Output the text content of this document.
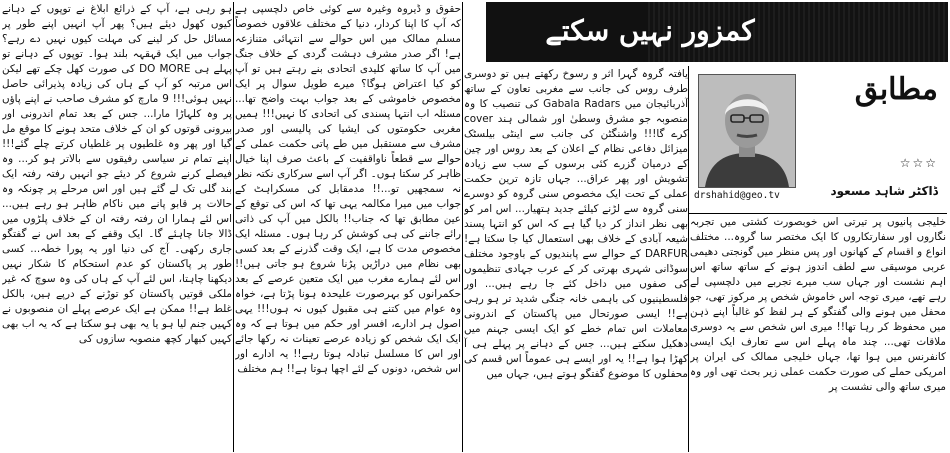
کمزور نہیں سکتے
drshahid@geo.tv
مطابق
☆☆☆
ڈاکٹر شاہد مسعود

خلیجی پانیوں پر تیرتی اس خوبصورت کشتی میں تجربہ نگاروں اور سفارتکاروں کا ایک مختصر سا گروہ... مختلف انواع و اقسام کے کھانوں اور پس منظر میں گونجتی دھیمی عربی موسیقی سے لطف اندوز ہونے کے ساتھ ساتھ اس اہم نشست اور جہاں سب میرے تجربے میں دلچسپی لے رہے تھے، میری توجہ اس خاموش شخص پر مرکوز تھی، جو محفل میں ہونے والی گفتگو کے ہر لفظ کو غالباً اپنے ذہن میں محفوظ کر رہا تھا!! میری اس شخص سے یہ دوسری ملاقات تھی... چند ماہ پہلے اس سے تعارف ایک ایسی کانفرنس میں ہوا تھا، جہاں خلیجی ممالک کی ایران پر امریکی حملے کی صورت حکمت عملی زیر بحث تھی اور وہ میری ساتھ والی نشست پر

یافتہ گروہ گہرا اثر و رسوخ رکھتے ہیں تو دوسری طرف روس کی جانب سے مغربی تعاون کے ساتھ آذربائیجان میں Gabala Radars کی تنصیب کا وہ منصوبہ جو مشرق وسطیٰ اور شمالی ہند cover کرے گا!!! واشنگٹن کی جانب سے اینٹی بیلسٹک میزائل دفاعی نظام کے اعلان کے بعد روس اور چین کے درمیان گزرے کئی برسوں کے سب سے زیادہ تشویش اور پھر عراق... جہاں تازہ ترین حکمت عملی کے تحت ایک مخصوص سنی گروہ کو دوسرے سنی گروہ سے لڑنے کیلئے جدید ہتھیار... اس امر کو بھی نظر انداز کر دیا گیا ہے کہ اس کو انتہا پسند شیعہ آبادی کے خلاف بھی استعمال کیا جا سکتا ہے! DARFUR کے حوالے سے پابندیوں کے باوجود مختلف سوڈانی شہری بھرتی کر کے عرب جہادی تنظیموں کی صفوں میں داخل کئے جا رہے ہیں... اور فلسطینیوں کی باہمی خانہ جنگی شدید تر ہو رہی ہے!! ایسی صورتحال میں پاکستان کے اندرونی معاملات اس تمام خطے کو ایک ایسی جہنم میں دھکیل سکتے ہیں... جس کے دہانے پر پہلے ہی آ کھڑا ہوا ہے!! یہ اور ایسے ہی عموماً اس قسم کی محفلوں کا موضوع گفتگو ہوتے ہیں، جہاں میں

حقوق و ڈیروہ وغیرہ سے کوئی خاص دلچسپی ہے کہ آپ کا اپنا کردار، دنیا کے مختلف علاقوں خصوصاً مسلم ممالک میں اس حوالے سے انتہائی متنازعہ ہے! اگر صدر مشرف دہشت گردی کے خلاف جنگ میں آپ کا ساتھ کلیدی اتحادی بنے رہتے ہیں تو آپ کو کیا اعتراض ہوگا؟ میرے طویل سوال پر ایک مخصوص خاموشی کے بعد جواب بہت واضح تھا... مسئلہ اب انتہا پسندی کی اتحادی کا نہیں!!! ہمیں مغربی حکومتوں کی ایشیا کی پالیسی اور صدر مشرف سے مستقبل میں طے پاتی حکمت عملی کے حوالے سے قطعاً ناواقفیت کے باعث صرف اپنا خیال ظاہر کر سکتا ہوں۔ اگر آپ اسے سرکاری نکتہ نظر نہ سمجھیں تو...!! مدمقابل کی مسکراہٹ کے جواب میں میرا مکالمہ یہی تھا کہ اس کی توقع کے عین مطابق تھا کہ جناب!! بالکل میں آپ کی ذاتی رائے جاننے کی ہی کوشش کر رہا ہوں۔ مسئلہ ایک مخصوص مدت کا ہے، ایک وقت گذرنے کے بعد کسی بھی نظام میں دراڑیں پڑنا شروع ہو جاتی ہیں!! اس لئے ہمارے مغرب میں ایک متعین عرصے کے بعد حکمرانوں کو بہرصورت علیحدہ ہونا پڑتا ہے، خواہ وہ عوام میں کتنے ہی مقبول کیوں نہ ہوں!!! یہی اصول ہر ادارے، افسر اور حکم میں ہوتا ہے کہ وہ ایک ایک شخص کو زیادہ عرصے تعینات نہ رکھا جائے اور اس کا مسلسل تبادلہ ہوتا رہے!! یہ ادارے اور اس شخص، دونوں کے لئے اچھا ہوتا ہے!! ہم مختلف

ہو رہی ہے، آپ کے ذرائع ابلاغ نے توپوں کے دہانے کیوں کھول دیئے ہیں؟ پھر آپ انہیں اپنے طور پر مسائل حل کر لینے کی مہلت کیوں نہیں دے رہے؟ جواب میں ایک قہقہہ بلند ہوا۔ توپوں کے دہانے تو پہلے ہی DO MORE کی صورت کھل چکے تھے لیکن اس مرتبہ کو آپ کے ہاں کی زیادہ پذیرائی حاصل نہیں ہوئی!!! 9 مارچ کو مشرف صاحب نے اپنے پاؤں پر وہ کلہاڑا مارا... جس کے بعد تمام اندرونی اور بیرونی قوتوں کو ان کے خلاف متحد ہونے کا موقع مل گیا اور پھر وہ غلطیوں پر غلطیاں کرتے چلے گئے!!! اپنے تمام تر سیاسی رفیقوں سے بالاتر ہو کر... وہ فیصلے کرنے شروع کر دیئے جو انہیں رفتہ رفتہ ایک بند گلی تک لے گئے ہیں اور اس مرحلے پر چونکہ وہ حالات پر قابو پانے میں ناکام ظاہر ہو رہے ہیں... اس لئے ہمارا ان رفتہ رفتہ ان کے خلاف پلڑوں میں ڈالا جانا چاہئے گا۔ ایک وقفے کے بعد اس نے گفتگو جاری رکھی۔ آج کی دنیا اور یہ پورا خطہ... کسی طور پر پاکستان کو عدم استحکام کا شکار نہیں دیکھنا چاہتا، اس لئے آپ کے ہاں کی وہ سوچ کہ غیر ملکی قوتیں پاکستان کو توڑنے کے درپے ہیں، بالکل غلط ہے!! ممکن ہے ایک عرصے پہلے ان منصوبوں نے کہیں جنم لیا ہو یا یہ بھی ہو سکتا ہے کہ یہ اب بھی کہیں کبھار کچھ منصوبہ سازوں کی
